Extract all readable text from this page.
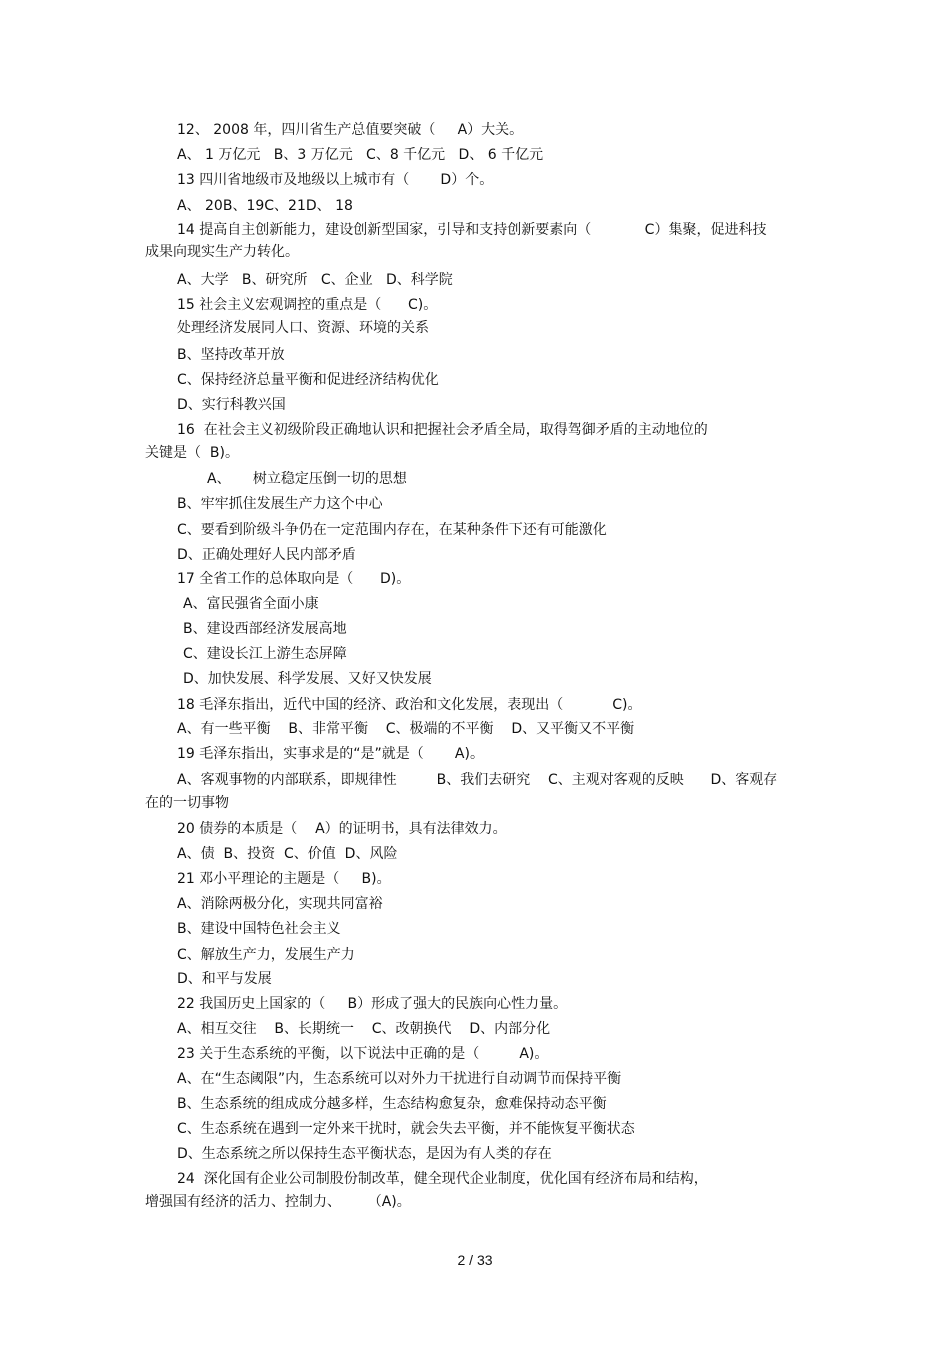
12、 2008 年，四川省生产总值要突破（     A）大关。
A、 1 万亿元   B、3 万亿元   C、8 千亿元   D、 6 千亿元
13 四川省地级市及地级以上城市有（       D）个。
A、 20B、19C、21D、 18
14 提高自主创新能力，建设创新型国家，引导和支持创新要素向（            C）集聚，促进科技
成果向现实生产力转化。
A、大学   B、研究所   C、企业   D、科学院
15 社会主义宏观调控的重点是（      C)。
处理经济发展同人口、资源、环境的关系
B、坚持改革开放
C、保持经济总量平衡和促进经济结构优化
D、实行科教兴国
16  在社会主义初级阶段正确地认识和把握社会矛盾全局，取得驾御矛盾的主动地位的
关键是（  B)。
A、     树立稳定压倒一切的思想
B、牢牢抓住发展生产力这个中心
C、要看到阶级斗争仍在一定范围内存在，在某种条件下还有可能激化
D、正确处理好人民内部矛盾
17 全省工作的总体取向是（      D)。
A、富民强省全面小康
B、建设西部经济发展高地
C、建设长江上游生态屏障
D、加快发展、科学发展、又好又快发展
18 毛泽东指出，近代中国的经济、政治和文化发展，表现出（           C)。
A、有一些平衡    B、非常平衡    C、极端的不平衡    D、又平衡又不平衡
19 毛泽东指出，实事求是的“是”就是（       A)。
A、客观事物的内部联系，即规律性         B、我们去研究    C、主观对客观的反映      D、客观存
在的一切事物
20 债券的本质是（    A）的证明书，具有法律效力。
A、债  B、投资  C、价值  D、风险
21 邓小平理论的主题是（     B)。
A、消除两极分化，实现共同富裕
B、建设中国特色社会主义
C、解放生产力，发展生产力
D、和平与发展
22 我国历史上国家的（     B）形成了强大的民族向心性力量。
A、相互交往    B、长期统一    C、改朝换代    D、内部分化
23 关于生态系统的平衡，以下说法中正确的是（         A)。
A、在“生态阈限”内，生态系统可以对外力干扰进行自动调节而保持平衡
B、生态系统的组成成分越多样，生态结构愈复杂，愈难保持动态平衡
C、生态系统在遇到一定外来干扰时，就会失去平衡，并不能恢复平衡状态
D、生态系统之所以保持生态平衡状态，是因为有人类的存在
24  深化国有企业公司制股份制改革，健全现代企业制度，优化国有经济布局和结构，
增强国有经济的活力、控制力、      （A)。
2 / 33
